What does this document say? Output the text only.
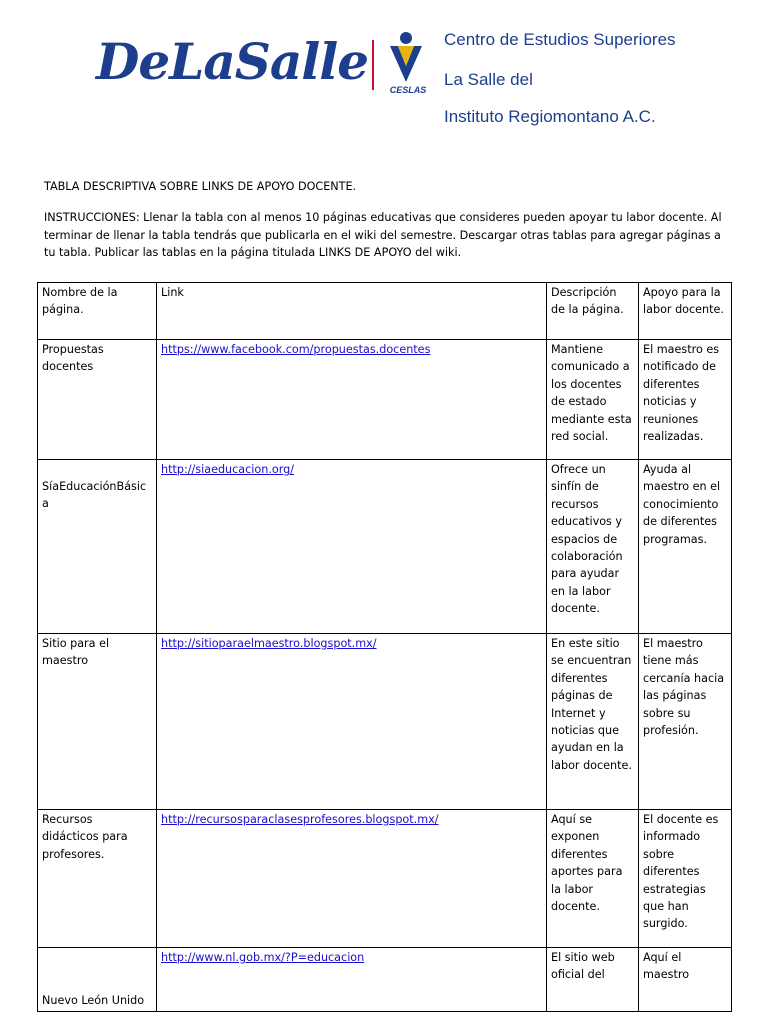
DeLaSalle CESLAS
Centro de Estudios Superiores
La Salle del
Instituto Regiomontano A.C.
TABLA DESCRIPTIVA SOBRE LINKS DE APOYO DOCENTE.
INSTRUCCIONES: Llenar la tabla con al menos 10 páginas educativas que consideres pueden apoyar tu labor docente. Al terminar de llenar la tabla tendrás que publicarla en el wiki del semestre. Descargar otras tablas para agregar páginas a tu tabla. Publicar las tablas en la página titulada LINKS DE APOYO del wiki.
Nombre de la página.	Link	Descripción de la página.	Apoyo para la labor docente.
Propuestas docentes	https://www.facebook.com/propuestas.docentes	Mantiene comunicado a los docentes de estado mediante esta red social.	El maestro es notificado de diferentes noticias y reuniones realizadas.
SíaEducaciónBásica	http://siaeducacion.org/	Ofrece un sinfín de recursos educativos y espacios de colaboración para ayudar en la labor docente.	Ayuda al maestro en el conocimiento de diferentes programas.
Sitio para el maestro	http://sitioparaelmaestro.blogspot.mx/	En este sitio se encuentran diferentes páginas de Internet y noticias que ayudan en la labor docente.	El maestro tiene más cercanía hacia las páginas sobre su profesión.
Recursos didácticos para profesores.	http://recursosparaclasesprofesores.blogspot.mx/	Aquí se exponen diferentes aportes para la labor docente.	El docente es informado sobre diferentes estrategias que han surgido.
Nuevo León Unido	http://www.nl.gob.mx/?P=educacion	El sitio web oficial del	Aquí el maestro
